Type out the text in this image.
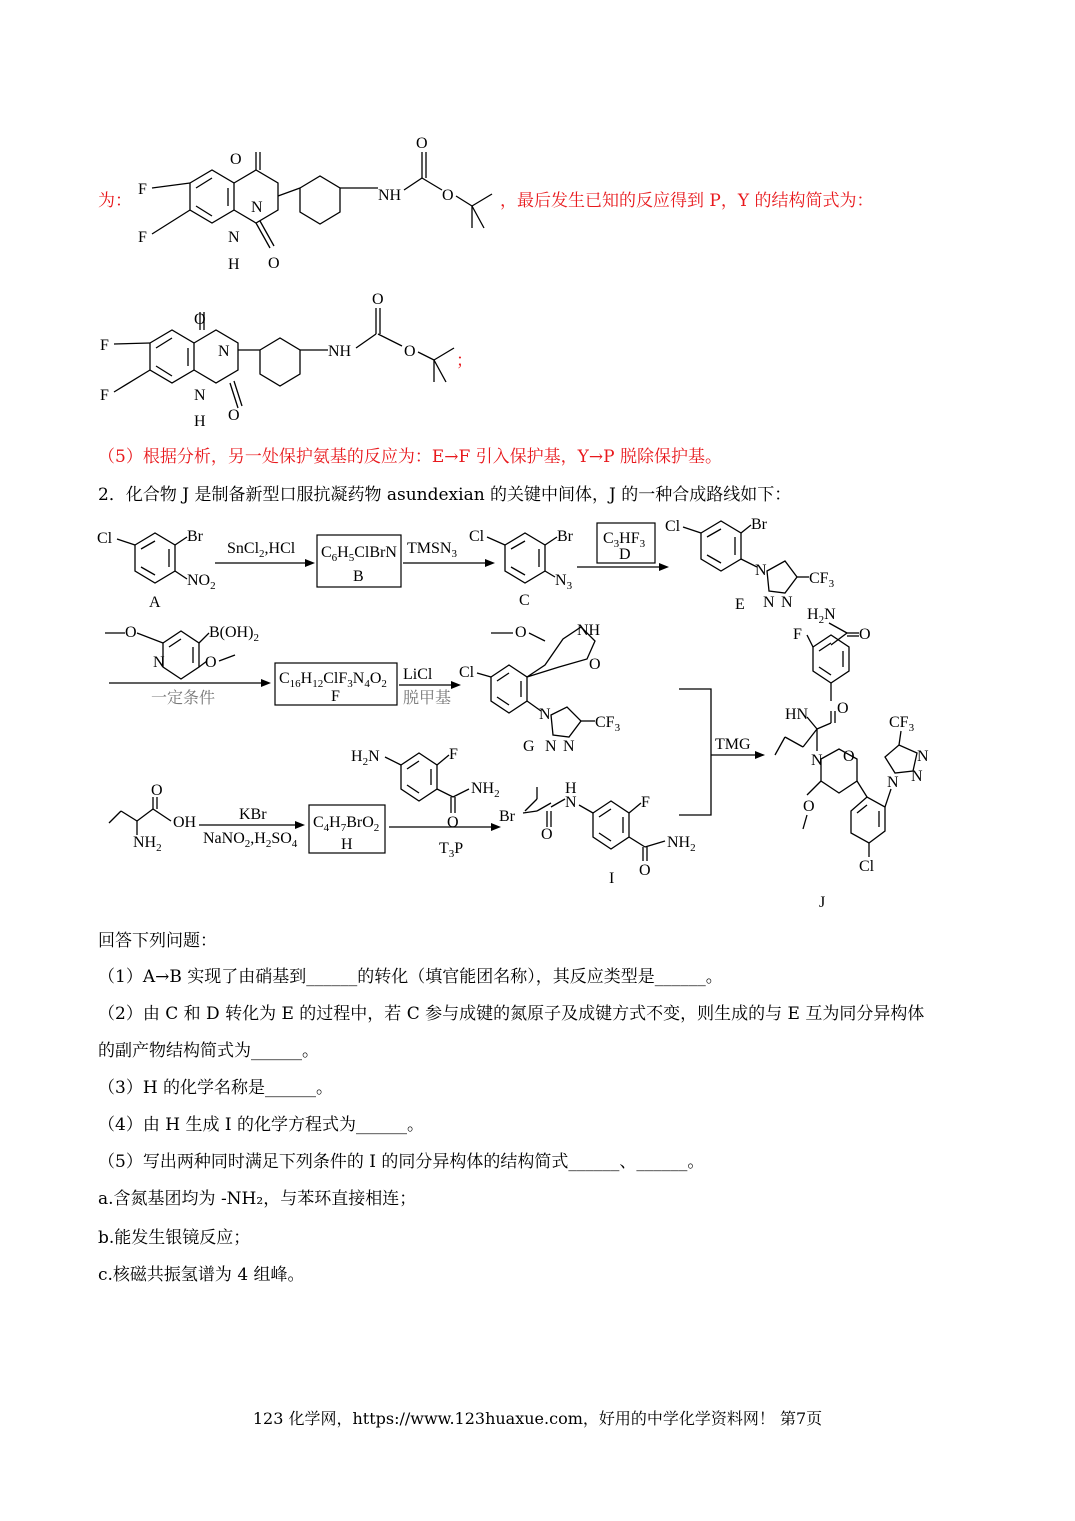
为：	，最后发生已知的反应得到 P，Y 的结构简式为：
O
O
N
N
H
F
F
NH
O
O
O
O
N
N
H
F
F
NH
O
O ；
（5）根据分析，另一处保护氨基的反应为：E→F 引入保护基，Y→P 脱除保护基。
2．化合物 J 是制备新型口服抗凝药物 asundexian 的关键中间体，J 的一种合成路线如下：
Cl	Br
$NO_2$
A
SnCl$_2$,HCl $C_6H_5ClBrN$
B
$TMSN_3$
Cl	Br
$N_3$
C
$C_3HF_3$
D
Cl	Br
N
N N
$CF_3$
E
O
N
$B(OH)_2$
O
一定条件
$C_{16}H_{12}ClF_3N_4O_2$
F
LiCl
脱甲基
Cl
O	NH
O
N
N N
$CF_3$
G
O
OH
$NH_2$
KBr
$NaNO_2,H_2SO_4$
$C_4H_7BrO_2$
H
$H_2N$	F
$NH_2$
O
$T_3P$
Br
O
H
N	F
$NH_2$
O
I
TMG
$H_2N$
O
F
HN O
N O
O
Cl
N
N
N
$CF_3$
J
回答下列问题：
（1）A→B 实现了由硝基到______的转化（填官能团名称），其反应类型是______。
（2）由 C 和 D 转化为 E 的过程中，若 C 参与成键的氮原子及成键方式不变，则生成的与 E 互为同分异构体
的副产物结构简式为______。
（3）H 的化学名称是______。
（4）由 H 生成 I 的化学方程式为______。
（5）写出两种同时满足下列条件的 I 的同分异构体的结构简式______、______。
a.含氮基团均为 -NH₂，与苯环直接相连；
b.能发生银镜反应；
c.核磁共振氢谱为 4 组峰。
123 化学网，https://www.123huaxue.com，好用的中学化学资料网！ 第7页
